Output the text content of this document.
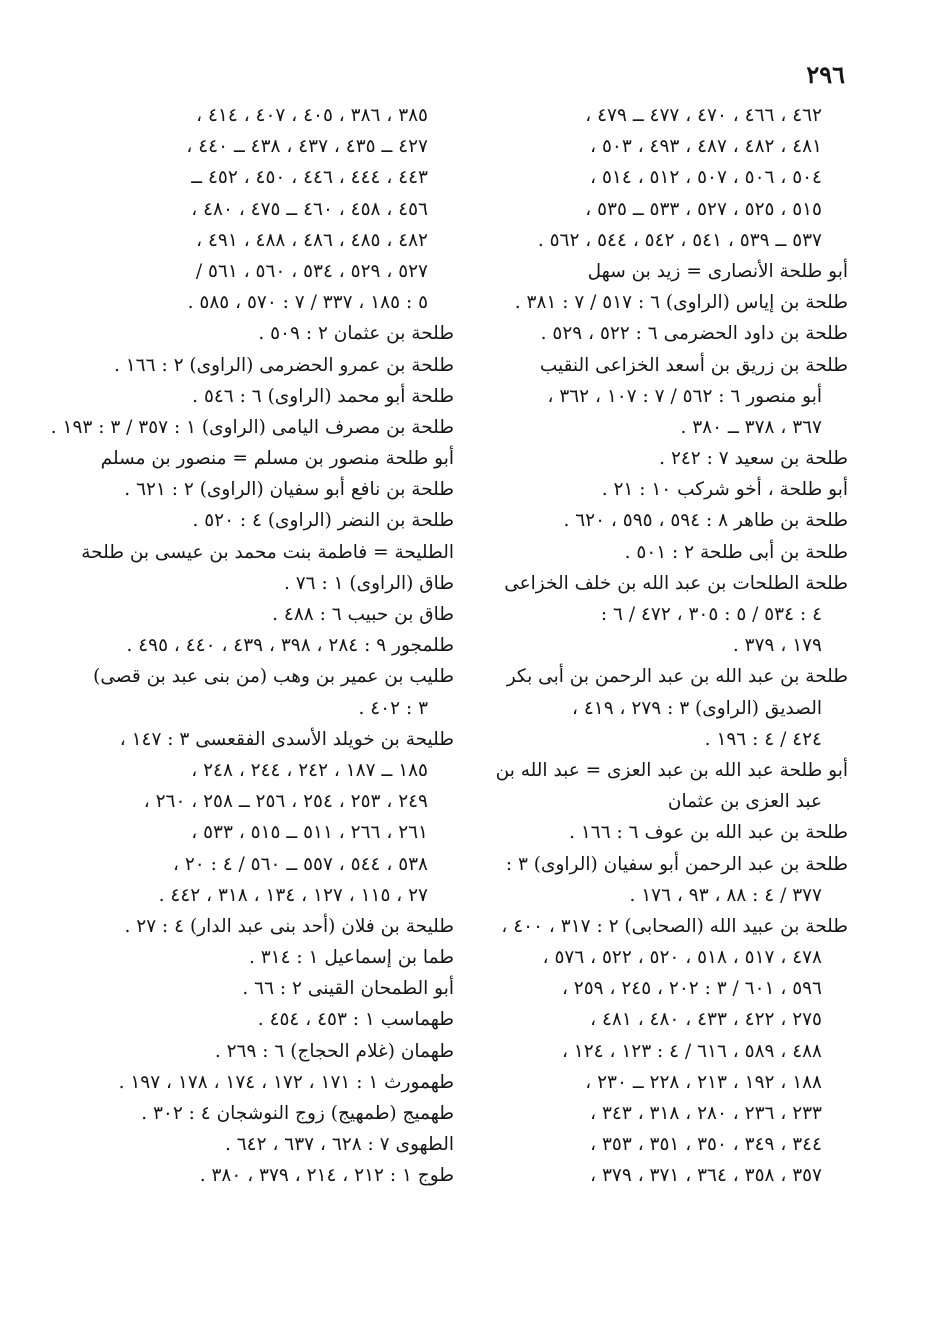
٢٩٦
٤٦٢ ، ٤٦٦ ، ٤٧٠ ، ٤٧٧ ــ ٤٧٩ ،
٤٨١ ، ٤٨٢ ، ٤٨٧ ، ٤٩٣ ، ٥٠٣ ،
٥٠٤ ، ٥٠٦ ، ٥٠٧ ، ٥١٢ ، ٥١٤ ،
٥١٥ ، ٥٢٥ ، ٥٢٧ ، ٥٣٣ ــ ٥٣٥ ،
٥٣٧ ــ ٥٣٩ ، ٥٤١ ، ٥٤٢ ، ٥٤٤ ، ٥٦٢ .
أبو طلحة الأنصارى = زيد بن سهل
طلحة بن إياس (الراوى) ٦ : ٥١٧ / ٧ : ٣٨١ .
طلحة بن داود الحضرمى ٦ : ٥٢٢ ، ٥٢٩ .
طلحة بن زريق بن أسعد الخزاعى النقيب
أبو منصور ٦ : ٥٦٢ / ٧ : ١٠٧ ، ٣٦٢ ،
٣٦٧ ، ٣٧٨ ــ ٣٨٠ .
طلحة بن سعيد ٧ : ٢٤٢ .
أبو طلحة ، أخو شركب ١٠ : ٢١ .
طلحة بن طاهر ٨ : ٥٩٤ ، ٥٩٥ ، ٦٢٠ .
طلحة بن أبى طلحة ٢ : ٥٠١ .
طلحة الطلحات بن عبد الله بن خلف الخزاعى
٤ : ٥٣٤ / ٥ : ٣٠٥ ، ٤٧٢ / ٦ :
١٧٩ ، ٣٧٩ .
طلحة بن عبد الله بن عبد الرحمن بن أبى بكر
الصديق (الراوى) ٣ : ٢٧٩ ، ٤١٩ ،
٤٢٤ / ٤ : ١٩٦ .
أبو طلحة عبد الله بن عبد العزى = عبد الله بن
عبد العزى بن عثمان
طلحة بن عبد الله بن عوف ٦ : ١٦٦ .
طلحة بن عبد الرحمن أبو سفيان (الراوى) ٣ :
٣٧٧ / ٤ : ٨٨ ، ٩٣ ، ١٧٦ .
طلحة بن عبيد الله (الصحابى) ٢ : ٣١٧ ، ٤٠٠ ،
٤٧٨ ، ٥١٧ ، ٥١٨ ، ٥٢٠ ، ٥٢٢ ، ٥٧٦ ،
٥٩٦ ، ٦٠١ / ٣ : ٢٠٢ ، ٢٤٥ ، ٢٥٩ ،
٢٧٥ ، ٤٢٢ ، ٤٣٣ ، ٤٨٠ ، ٤٨١ ،
٤٨٨ ، ٥٨٩ ، ٦١٦ / ٤ : ١٢٣ ، ١٢٤ ،
١٨٨ ، ١٩٢ ، ٢١٣ ، ٢٢٨ ــ ٢٣٠ ،
٢٣٣ ، ٢٣٦ ، ٢٨٠ ، ٣١٨ ، ٣٤٣ ،
٣٤٤ ، ٣٤٩ ، ٣٥٠ ، ٣٥١ ، ٣٥٣ ،
٣٥٧ ، ٣٥٨ ، ٣٦٤ ، ٣٧١ ، ٣٧٩ ،
٣٨٥ ، ٣٨٦ ، ٤٠٥ ، ٤٠٧ ، ٤١٤ ،
٤٢٧ ــ ٤٣٥ ، ٤٣٧ ، ٤٣٨ ــ ٤٤٠ ،
٤٤٣ ، ٤٤٤ ، ٤٤٦ ، ٤٥٠ ، ٤٥٢ ــ
٤٥٦ ، ٤٥٨ ، ٤٦٠ ــ ٤٧٥ ، ٤٨٠ ،
٤٨٢ ، ٤٨٥ ، ٤٨٦ ، ٤٨٨ ، ٤٩١ ،
٥٢٧ ، ٥٢٩ ، ٥٣٤ ، ٥٦٠ ، ٥٦١ /
٥ : ١٨٥ ، ٣٣٧ / ٧ : ٥٧٠ ، ٥٨٥ .
طلحة بن عثمان ٢ : ٥٠٩ .
طلحة بن عمرو الحضرمى (الراوى) ٢ : ١٦٦ .
طلحة أبو محمد (الراوى) ٦ : ٥٤٦ .
طلحة بن مصرف اليامى (الراوى) ١ : ٣٥٧ / ٣ : ١٩٣ .
أبو طلحة منصور بن مسلم = منصور بن مسلم
طلحة بن نافع أبو سفيان (الراوى) ٢ : ٦٢١ .
طلحة بن النضر (الراوى) ٤ : ٥٢٠ .
الطليحة = فاطمة بنت محمد بن عيسى بن طلحة
طاق (الراوى) ١ : ٧٦ .
طاق بن حبيب ٦ : ٤٨٨ .
طلمجور ٩ : ٢٨٤ ، ٣٩٨ ، ٤٣٩ ، ٤٤٠ ، ٤٩٥ .
طليب بن عمير بن وهب (من بنى عبد بن قصى)
٣ : ٤٠٢ .
طليحة بن خويلد الأسدى الفقعسى ٣ : ١٤٧ ،
١٨٥ ــ ١٨٧ ، ٢٤٢ ، ٢٤٤ ، ٢٤٨ ،
٢٤٩ ، ٢٥٣ ، ٢٥٤ ، ٢٥٦ ــ ٢٥٨ ، ٢٦٠ ،
٢٦١ ، ٢٦٦ ، ٥١١ ــ ٥١٥ ، ٥٣٣ ،
٥٣٨ ، ٥٤٤ ، ٥٥٧ ــ ٥٦٠ / ٤ : ٢٠ ،
٢٧ ، ١١٥ ، ١٢٧ ، ١٣٤ ، ٣١٨ ، ٤٤٢ .
طليحة بن فلان (أحد بنى عبد الدار) ٤ : ٢٧ .
طما بن إسماعيل ١ : ٣١٤ .
أبو الطمحان القينى ٢ : ٦٦ .
طهماسب ١ : ٤٥٣ ، ٤٥٤ .
طهمان (غلام الحجاج) ٦ : ٢٦٩ .
طهمورث ١ : ١٧١ ، ١٧٢ ، ١٧٤ ، ١٧٨ ، ١٩٧ .
طهميج (طمهيج) زوج النوشجان ٤ : ٣٠٢ .
الطهوى ٧ : ٦٢٨ ، ٦٣٧ ، ٦٤٢ .
طوج ١ : ٢١٢ ، ٢١٤ ، ٣٧٩ ، ٣٨٠ .
